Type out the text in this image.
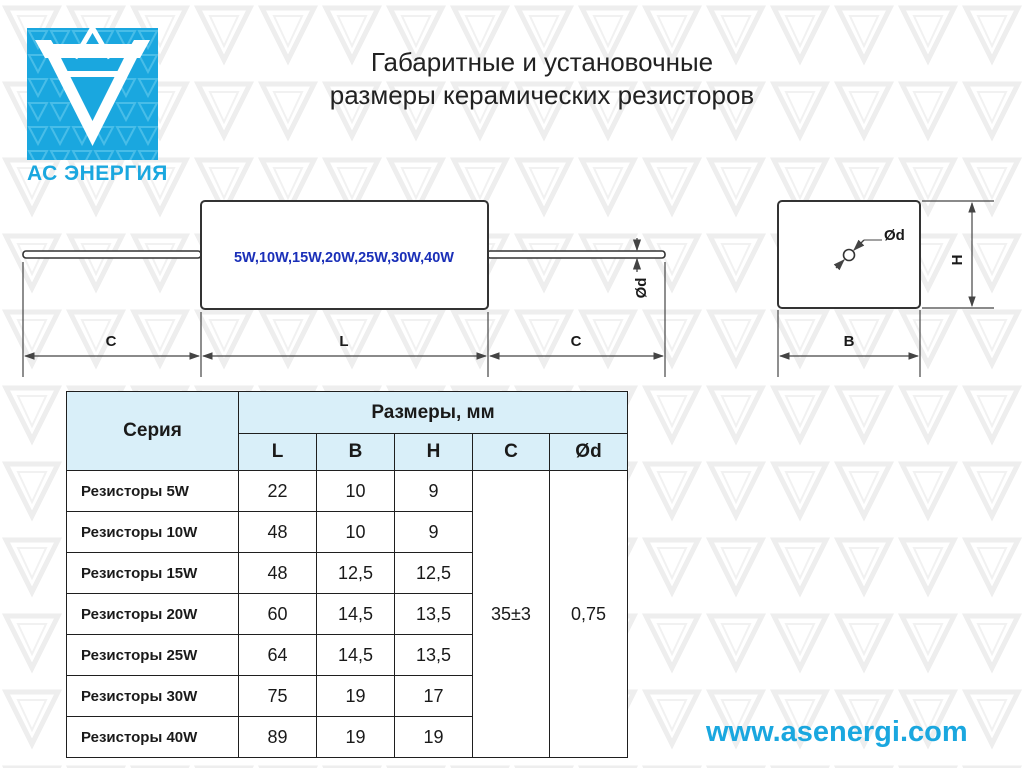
АС ЭНЕРГИЯ
Габаритные и установочные
размеры керамических резисторов
5W,10W,15W,20W,25W,30W,40W
Ød
C	L	C
Ød
H
B
Серия	Размеры, мм				
	L	B	H	C	Ød
Резисторы 5W	22	10	9	35±3	0,75
Резисторы 10W	48	10	9		
Резисторы 15W	48	12,5	12,5		
Резисторы 20W	60	14,5	13,5		
Резисторы 25W	64	14,5	13,5		
Резисторы 30W	75	19	17		
Резисторы 40W	89	19	19			www.asenergi.com
